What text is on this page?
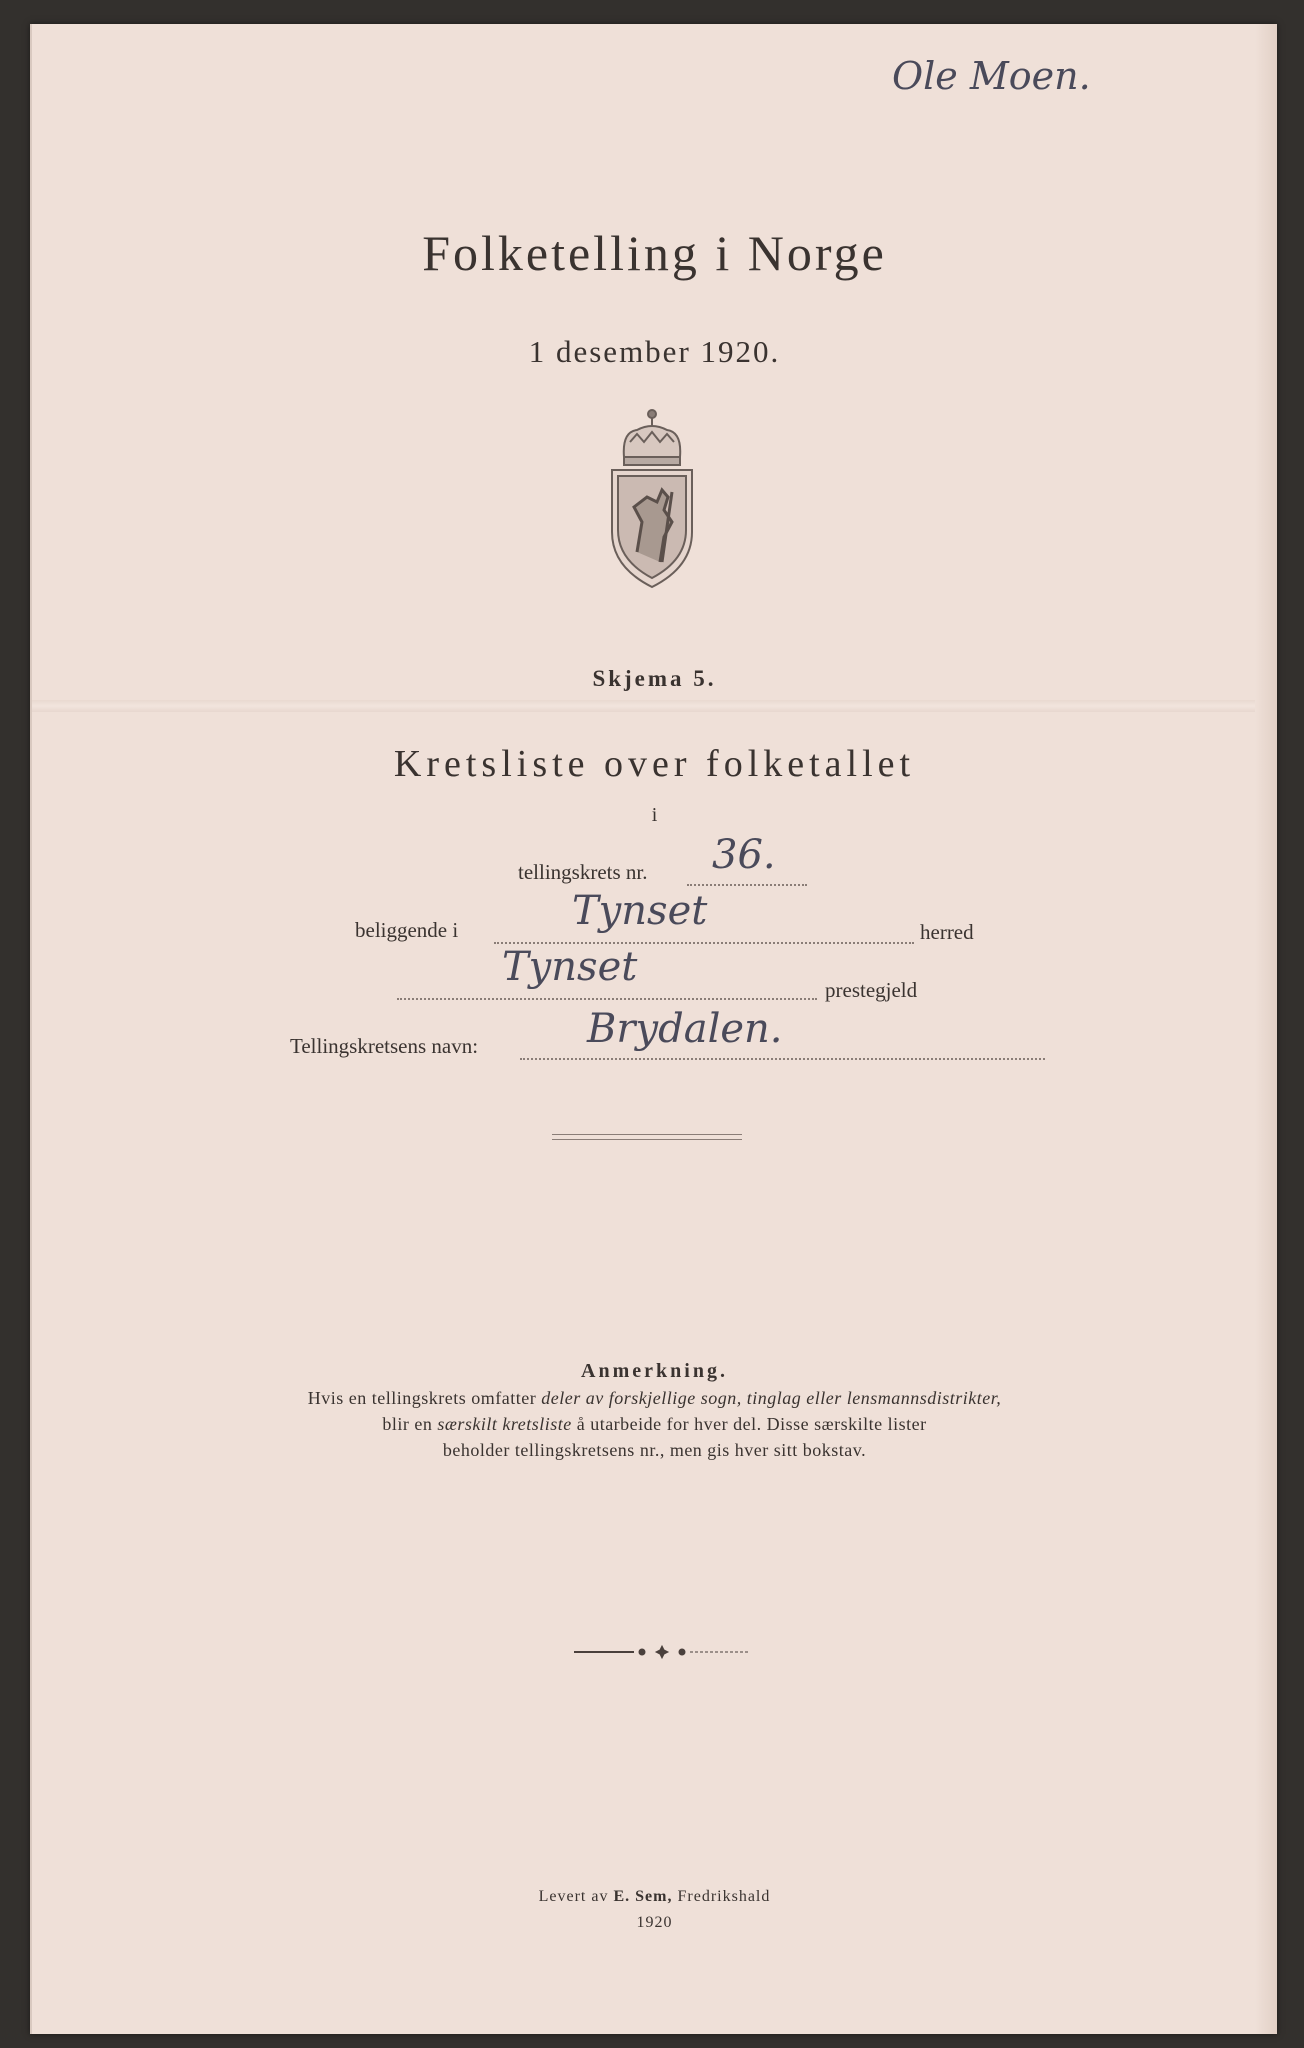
Ole Moen.
Folketelling i Norge
1 desember 1920.
Skjema 5.
Kretsliste over folketallet
i
tellingskrets nr. 36.
beliggende i	Tynset	herred
Tynset	prestegjeld
Tellingskretsens navn:	Brydalen.
Anmerkning.
Hvis en tellingskrets omfatter deler av forskjellige sogn, tinglag eller lensmannsdistrikter,
blir en særskilt kretsliste å utarbeide for hver del. Disse særskilte lister
beholder tellingskretsens nr., men gis hver sitt bokstav.
Levert av E. Sem, Fredrikshald
1920
